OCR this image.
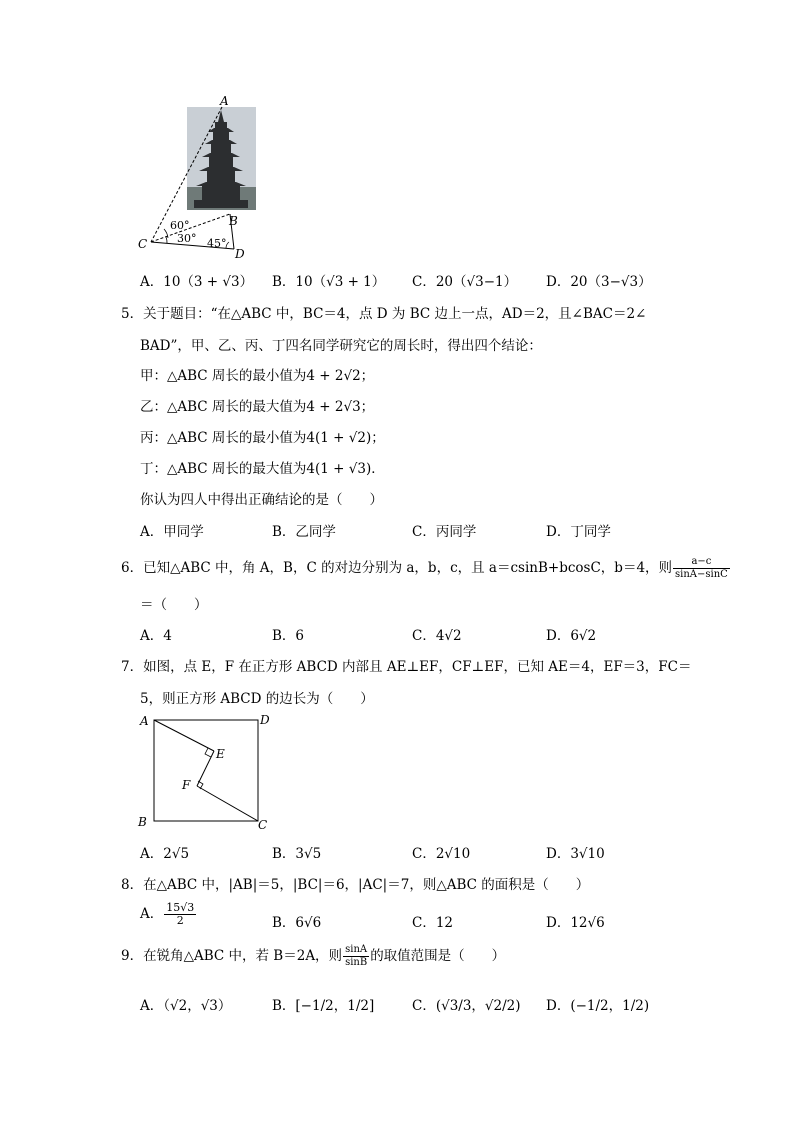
A
B
C
D
60°
30° 45°
A．10（3 + √3） B．10（√3 + 1） C．20（√3−1） D．20（3−√3）
5．关于题目：“在△ABC 中，BC＝4，点 D 为 BC 边上一点，AD＝2，且∠BAC＝2∠
BAD”，甲、乙、丙、丁四名同学研究它的周长时，得出四个结论：
甲：△ABC 周长的最小值为4 + 2√2；
乙：△ABC 周长的最大值为4 + 2√3；
丙：△ABC 周长的最小值为4(1 + √2)；
丁：△ABC 周长的最大值为4(1 + √3)．
你认为四人中得出正确结论的是（　　）
A．甲同学	B．乙同学	C．丙同学	D．丁同学
6．已知△ABC 中，角 A，B，C 的对边分别为 a，b，c，且 a＝csinB+bcosC，b＝4，则 $\frac{a-c}{\sin A-\sin C}$
＝（　　）
A．4	B．6	C．4√2	D．6√2
7．如图，点 E，F 在正方形 ABCD 内部且 AE⊥EF，CF⊥EF，已知 AE＝4，EF＝3，FC＝
5，则正方形 ABCD 的边长为（　　）
A	D
B	C
E
F
A．2√5	B．3√5	C．2√10	D．3√10
8．在△ABC 中，|AB|＝5，|BC|＝6，|AC|＝7，则△ABC 的面积是（　　）
A． $\frac{15√3}{2}$	B．6√6	C．12	D．12√6
9．在锐角△ABC 中，若 B＝2A，则 $\frac{\sin A}{\sin B}$ 的取值范围是（　　）
A．（√2，√3）	B．[−1/2，1/2]	C．(√3/3，√2/2) D．(−1/2，1/2)
